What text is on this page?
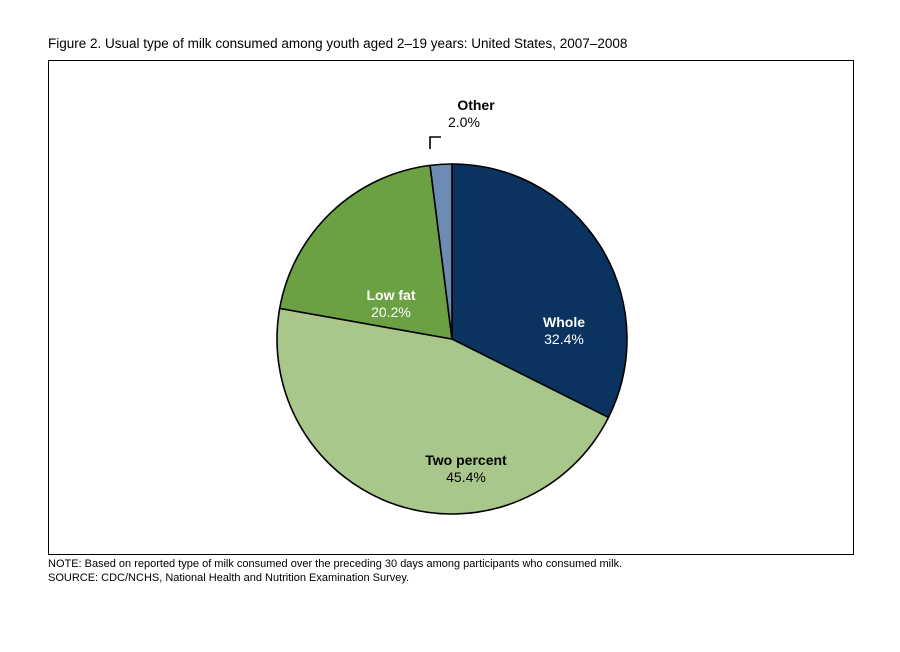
Figure 2. Usual type of milk consumed among youth aged 2–19 years: United States, 2007–2008
Whole
32.4%
Two percent
45.4%
Low fat
20.2%
Other
2.0%
NOTE: Based on reported type of milk consumed over the preceding 30 days among participants who consumed milk.
SOURCE: CDC/NCHS, National Health and Nutrition Examination Survey.
